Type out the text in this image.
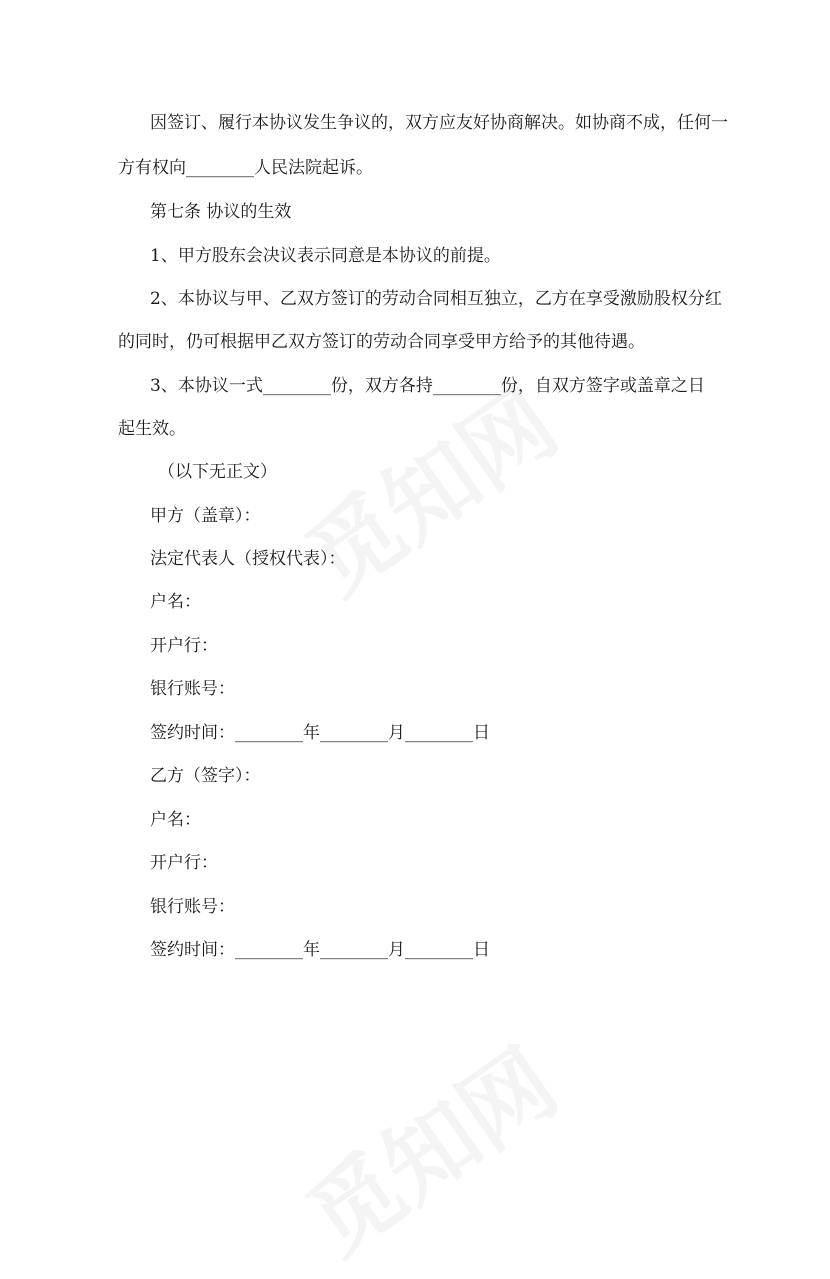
因签订、履行本协议发生争议的，双方应友好协商解决。如协商不成，任何一
方有权向________人民法院起诉。
第七条 协议的生效
1、甲方股东会决议表示同意是本协议的前提。
2、本协议与甲、乙双方签订的劳动合同相互独立，乙方在享受激励股权分红
的同时，仍可根据甲乙双方签订的劳动合同享受甲方给予的其他待遇。
3、本协议一式________份，双方各持________份，自双方签字或盖章之日
起生效。
（以下无正文）
甲方（盖章）：
法定代表人（授权代表）：
户名：
开户行：
银行账号：
签约时间：________年________月________日
乙方（签字）：
户名：
开户行：
银行账号：
签约时间：________年________月________日
